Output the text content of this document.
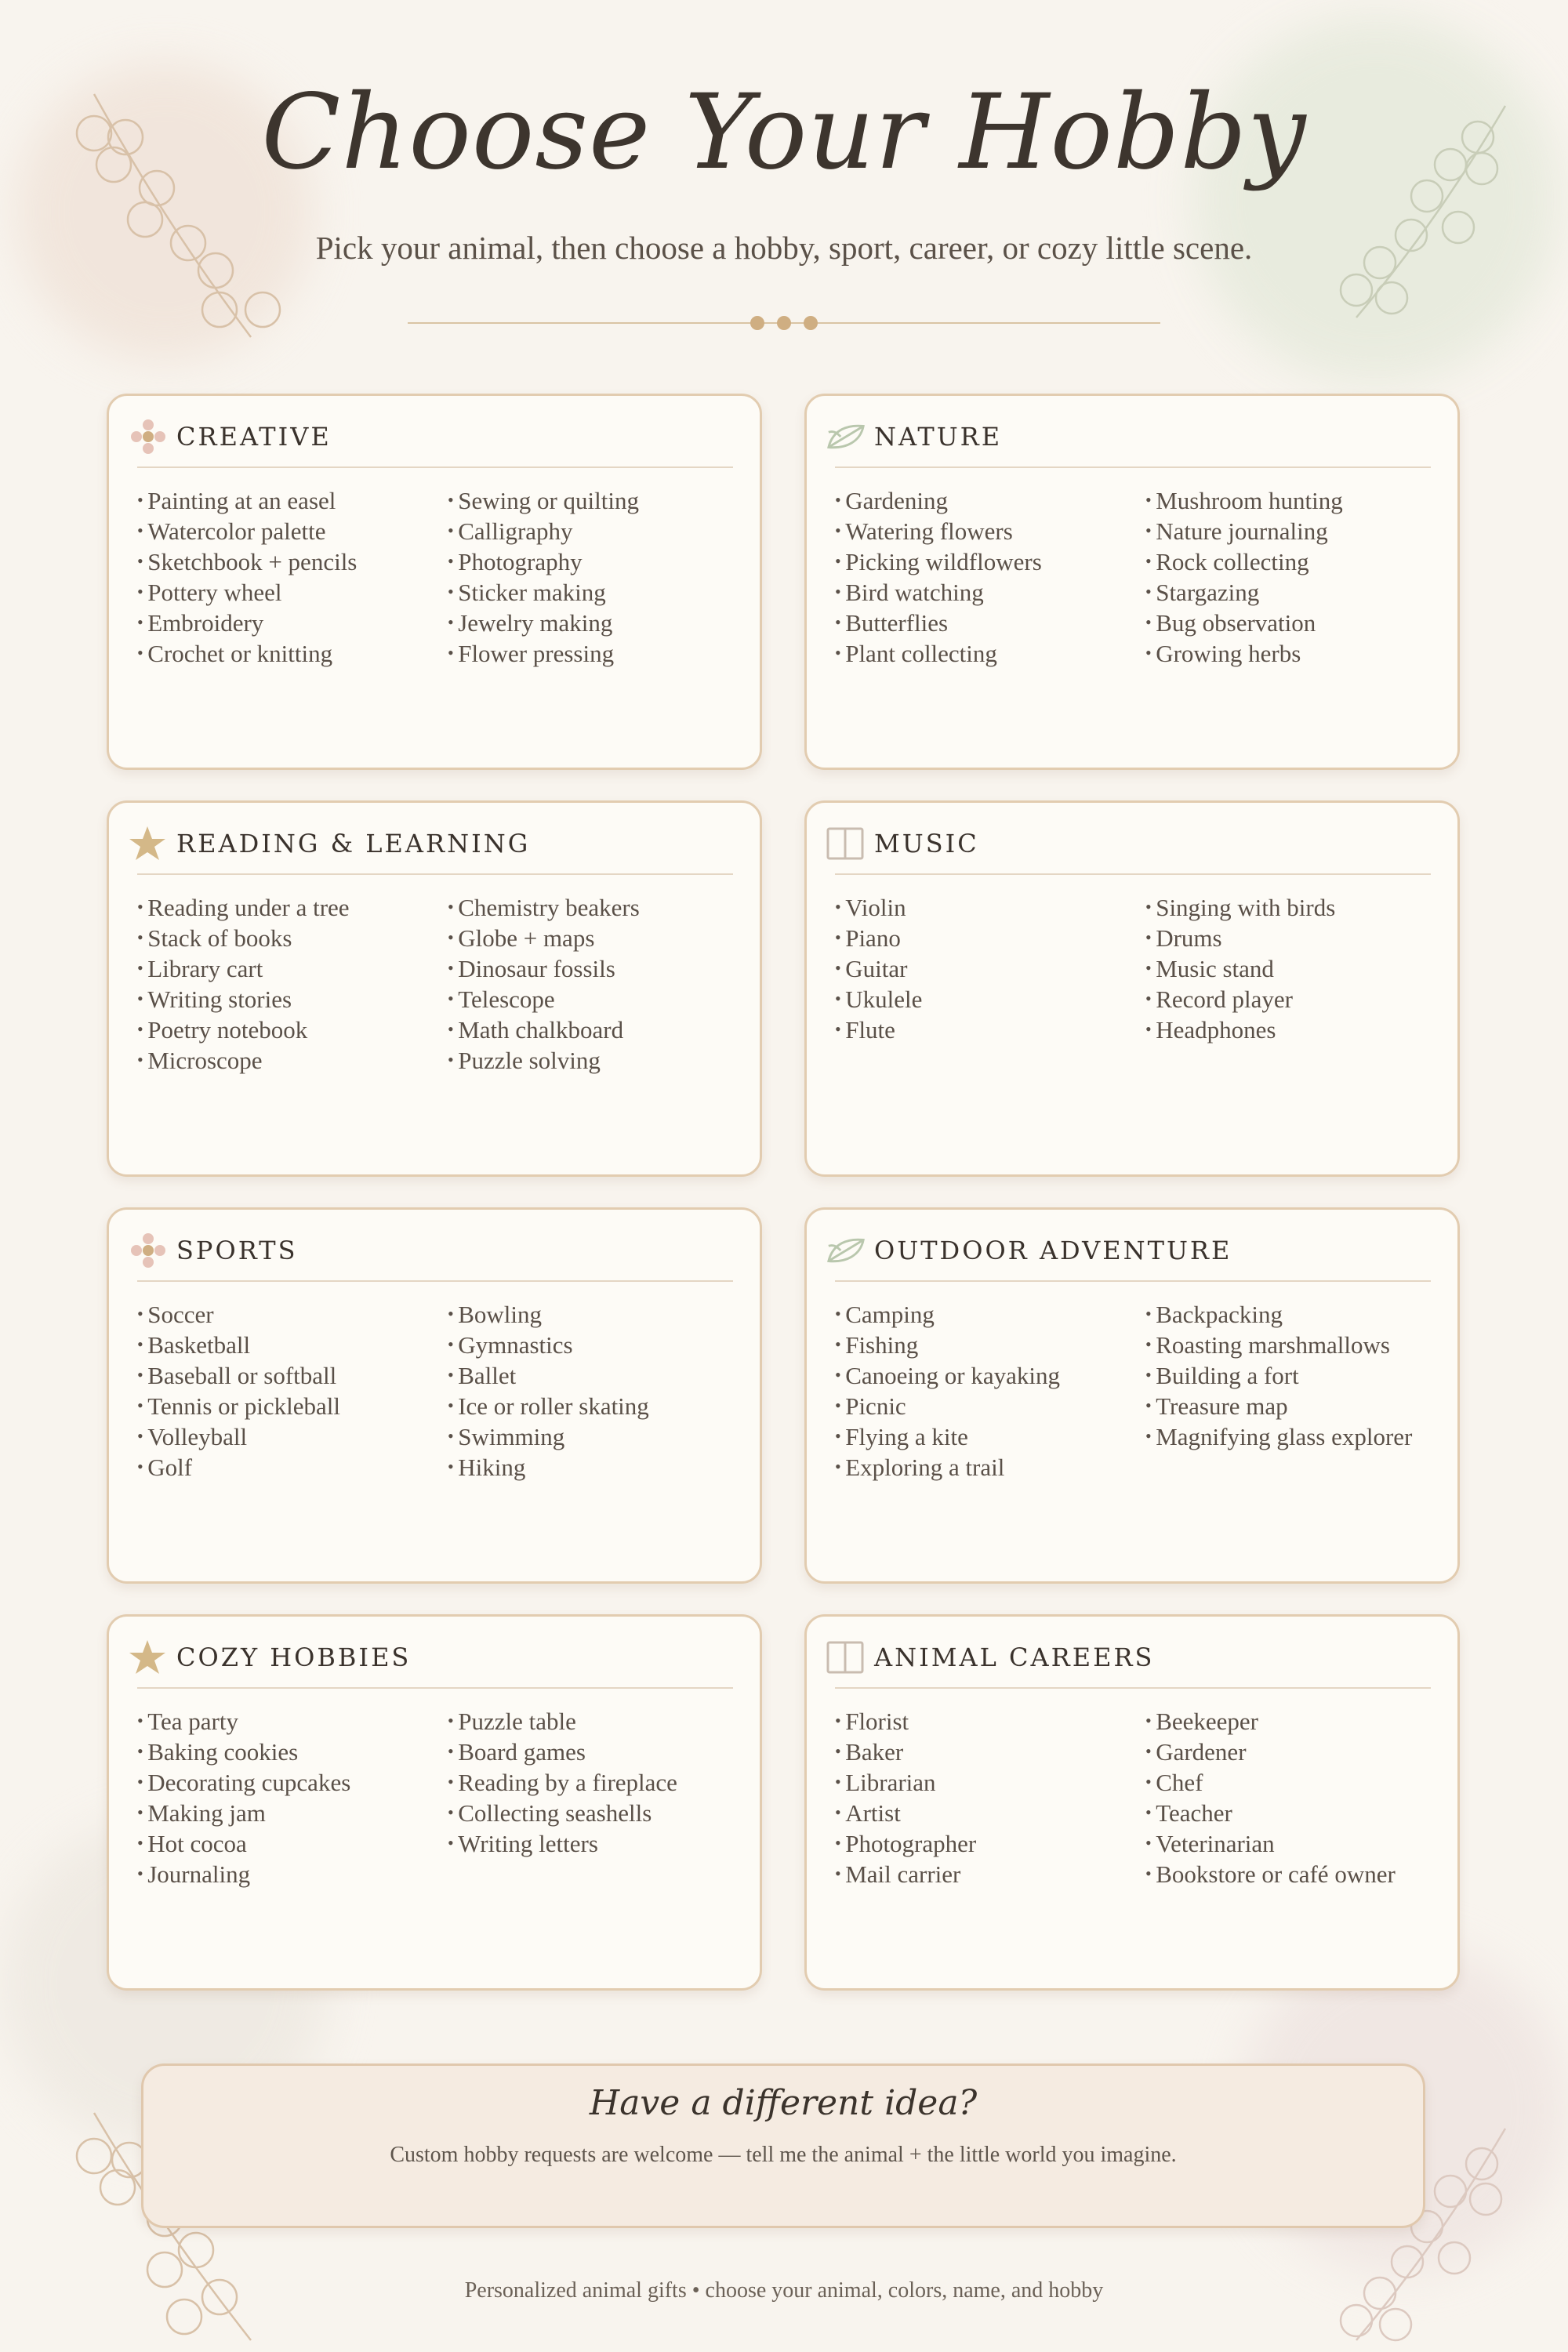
Choose Your Hobby
Pick your animal, then choose a hobby, sport, career, or cozy little scene.
CREATIVE
• Painting at an easel
• Watercolor palette
• Sketchbook + pencils
• Pottery wheel
• Embroidery
• Crochet or knitting
• Sewing or quilting
• Calligraphy
• Photography
• Sticker making
• Jewelry making
• Flower pressing
NATURE
• Gardening
• Watering flowers
• Picking wildflowers
• Bird watching
• Butterflies
• Plant collecting
• Mushroom hunting
• Nature journaling
• Rock collecting
• Stargazing
• Bug observation
• Growing herbs
READING & LEARNING
• Reading under a tree
• Stack of books
• Library cart
• Writing stories
• Poetry notebook
• Microscope
• Chemistry beakers
• Globe + maps
• Dinosaur fossils
• Telescope
• Math chalkboard
• Puzzle solving
MUSIC
• Violin
• Piano
• Guitar
• Ukulele
• Flute
• Singing with birds
• Drums
• Music stand
• Record player
• Headphones
SPORTS
• Soccer
• Basketball
• Baseball or softball
• Tennis or pickleball
• Volleyball
• Golf
• Bowling
• Gymnastics
• Ballet
• Ice or roller skating
• Swimming
• Hiking
OUTDOOR ADVENTURE
• Camping
• Fishing
• Canoeing or kayaking
• Picnic
• Flying a kite
• Exploring a trail
• Backpacking
• Roasting marshmallows
• Building a fort
• Treasure map
• Magnifying glass explorer
COZY HOBBIES
• Tea party
• Baking cookies
• Decorating cupcakes
• Making jam
• Hot cocoa
• Journaling
• Puzzle table
• Board games
• Reading by a fireplace
• Collecting seashells
• Writing letters
ANIMAL CAREERS
• Florist
• Baker
• Librarian
• Artist
• Photographer
• Mail carrier
• Beekeeper
• Gardener
• Chef
• Teacher
• Veterinarian
• Bookstore or café owner
Have a different idea?
Custom hobby requests are welcome — tell me the animal + the little world you imagine.
Personalized animal gifts • choose your animal, colors, name, and hobby
